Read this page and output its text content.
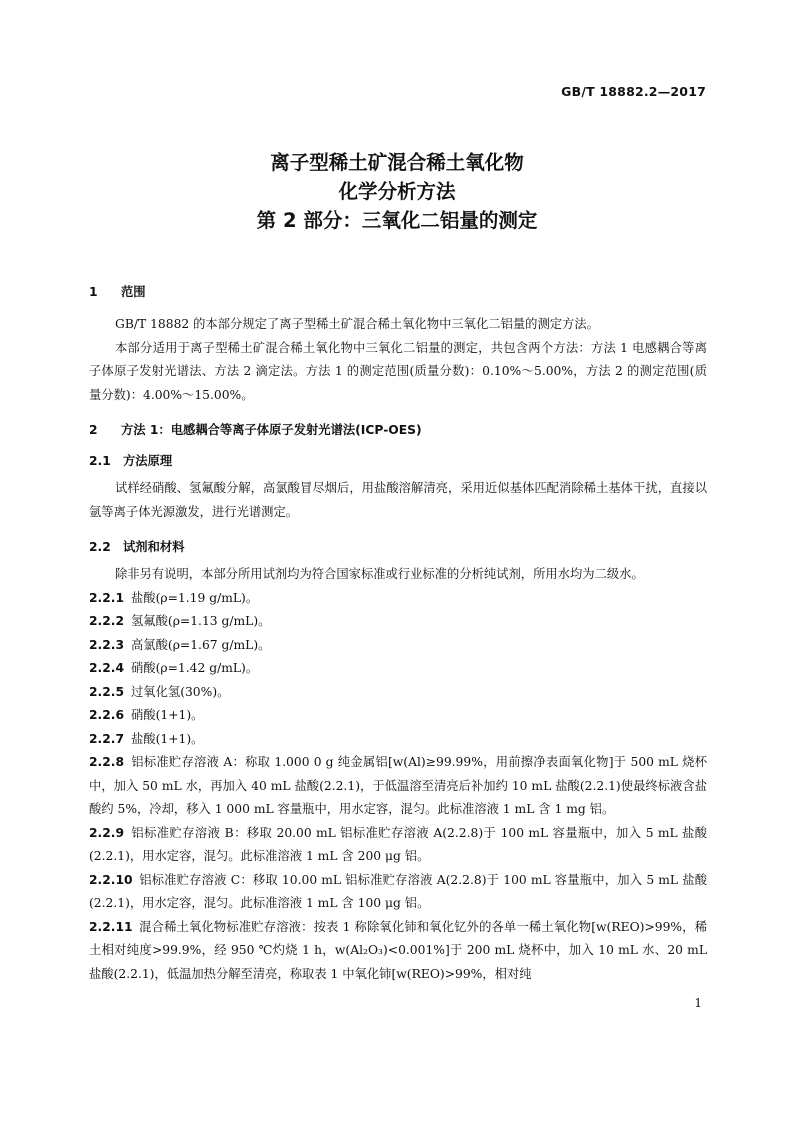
GB/T 18882.2—2017
离子型稀土矿混合稀土氧化物
化学分析方法
第 2 部分：三氧化二铝量的测定
1 范围

GB/T 18882 的本部分规定了离子型稀土矿混合稀土氧化物中三氧化二铝量的测定方法。

本部分适用于离子型稀土矿混合稀土氧化物中三氧化二铝量的测定，共包含两个方法：方法 1 电感耦合等离子体原子发射光谱法、方法 2 滴定法。方法 1 的测定范围(质量分数)：0.10%～5.00%，方法 2 的测定范围(质量分数)：4.00%～15.00%。

2 方法 1：电感耦合等离子体原子发射光谱法(ICP-OES)
2.1 方法原理

试样经硝酸、氢氟酸分解，高氯酸冒尽烟后，用盐酸溶解清亮，采用近似基体匹配消除稀土基体干扰，直接以氩等离子体光源激发，进行光谱测定。

2.2 试剂和材料

除非另有说明，本部分所用试剂均为符合国家标准或行业标准的分析纯试剂，所用水均为二级水。

2.2.1 盐酸(ρ=1.19 g/mL)。
2.2.2 氢氟酸(ρ=1.13 g/mL)。
2.2.3 高氯酸(ρ=1.67 g/mL)。
2.2.4 硝酸(ρ=1.42 g/mL)。
2.2.5 过氧化氢(30%)。
2.2.6 硝酸(1+1)。
2.2.7 盐酸(1+1)。
2.2.8 铝标准贮存溶液 A：称取 1.000 0 g 纯金属铝[w(Al)≥99.99%，用前擦净表面氧化物]于 500 mL 烧杯中，加入 50 mL 水，再加入 40 mL 盐酸(2.2.1)，于低温溶至清亮后补加约 10 mL 盐酸(2.2.1)使最终标液含盐酸约 5%，冷却，移入 1 000 mL 容量瓶中，用水定容，混匀。此标准溶液 1 mL 含 1 mg 铝。
2.2.9 铝标准贮存溶液 B：移取 20.00 mL 铝标准贮存溶液 A(2.2.8)于 100 mL 容量瓶中，加入 5 mL 盐酸(2.2.1)，用水定容，混匀。此标准溶液 1 mL 含 200 μg 铝。
2.2.10 铝标准贮存溶液 C：移取 10.00 mL 铝标准贮存溶液 A(2.2.8)于 100 mL 容量瓶中，加入 5 mL 盐酸(2.2.1)，用水定容，混匀。此标准溶液 1 mL 含 100 μg 铝。
2.2.11 混合稀土氧化物标准贮存溶液：按表 1 称除氧化铈和氧化钇外的各单一稀土氧化物[w(REO)>99%，稀土相对纯度>99.9%，经 950 ℃灼烧 1 h，w(Al₂O₃)<0.001%]于 200 mL 烧杯中，加入 10 mL 水、20 mL 盐酸(2.2.1)，低温加热分解至清亮，称取表 1 中氧化铈[w(REO)>99%，相对纯
1
